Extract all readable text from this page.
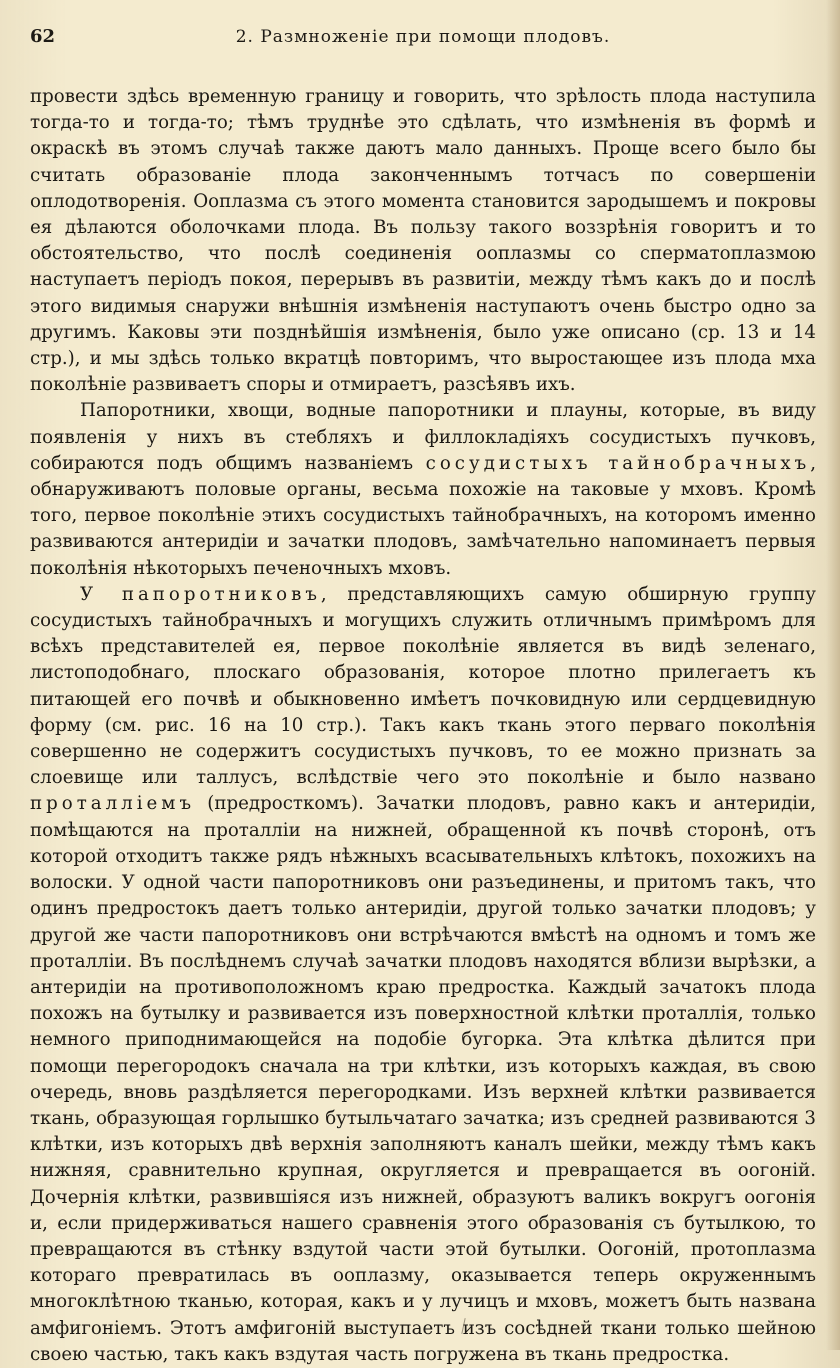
62	2. Размноженіе при помощи плодовъ.

провести здѣсь временную границу и говорить, что зрѣлость плода наступила тогда-то и тогда-то; тѣмъ труднѣе это сдѣлать, что измѣненія въ формѣ и окраскѣ въ этомъ случаѣ также даютъ мало данныхъ. Проще всего было бы считать образованіе плода законченнымъ тотчасъ по совершеніи оплодотворенія. Ооплазма съ этого момента становится зародышемъ и покровы ея дѣлаются оболочками плода. Въ пользу такого воззрѣнія говоритъ и то обстоятельство, что послѣ соединенія ооплазмы со сперматоплазмою наступаетъ періодъ покоя, перерывъ въ развитіи, между тѣмъ какъ до и послѣ этого видимыя снаружи внѣшнія измѣненія наступаютъ очень быстро одно за другимъ. Каковы эти позднѣйшія измѣненія, было уже описано (ср. 13 и 14 стр.), и мы здѣсь только вкратцѣ повторимъ, что выростающее изъ плода мха поколѣніе развиваетъ споры и отмираетъ, разсѣявъ ихъ.

Папоротники, хвощи, водные папоротники и плауны, которые, въ виду появленія у нихъ въ стебляхъ и филлокладіяхъ сосудистыхъ пучковъ, собираются подъ общимъ названіемъ сосудистыхъ тайнобрачныхъ, обнаруживаютъ половые органы, весьма похожіе на таковые у мховъ. Кромѣ того, первое поколѣніе этихъ сосудистыхъ тайнобрачныхъ, на которомъ именно развиваются антеридіи и зачатки плодовъ, замѣчательно напоминаетъ первыя поколѣнія нѣкоторыхъ печеночныхъ мховъ.

У папоротниковъ, представляющихъ самую обширную группу сосудистыхъ тайнобрачныхъ и могущихъ служить отличнымъ примѣромъ для всѣхъ представителей ея, первое поколѣніе является въ видѣ зеленаго, листоподобнаго, плоскаго образованія, которое плотно прилегаетъ къ питающей его почвѣ и обыкновенно имѣетъ почковидную или сердцевидную форму (см. рис. 16 на 10 стр.). Такъ какъ ткань этого перваго поколѣнія совершенно не содержитъ сосудистыхъ пучковъ, то ее можно признать за слоевище или таллусъ, вслѣдствіе чего это поколѣніе и было названо проталліемъ (предросткомъ). Зачатки плодовъ, равно какъ и антеридіи, помѣщаются на проталліи на нижней, обращенной къ почвѣ сторонѣ, отъ которой отходитъ также рядъ нѣжныхъ всасывательныхъ клѣтокъ, похожихъ на волоски. У одной части папоротниковъ они разъединены, и притомъ такъ, что одинъ предростокъ даетъ только антеридіи, другой только зачатки плодовъ; у другой же части папоротниковъ они встрѣчаются вмѣстѣ на одномъ и томъ же проталліи. Въ послѣднемъ случаѣ зачатки плодовъ находятся вблизи вырѣзки, а антеридіи на противоположномъ краю предростка. Каждый зачатокъ плода похожъ на бутылку и развивается изъ поверхностной клѣтки проталлія, только немного приподнимающейся на подобіе бугорка. Эта клѣтка дѣлится при помощи перегородокъ сначала на три клѣтки, изъ которыхъ каждая, въ свою очередь, вновь раздѣляется перегородками. Изъ верхней клѣтки развивается ткань, образующая горлышко бутыльчатаго зачатка; изъ средней развиваются 3 клѣтки, изъ которыхъ двѣ верхнія заполняютъ каналъ шейки, между тѣмъ какъ нижняя, сравнительно крупная, округляется и превращается въ оогоній. Дочернія клѣтки, развившіяся изъ нижней, образуютъ валикъ вокругъ оогонія и, если придерживаться нашего сравненія этого образованія съ бутылкою, то превращаются въ стѣнку вздутой части этой бутылки. Оогоній, протоплазма котораго превратилась въ ооплазму, оказывается теперь окруженнымъ многоклѣтною тканью, которая, какъ и у лучицъ и мховъ, можетъ быть названа амфигоніемъ. Этотъ амфигоній выступаетъ изъ сосѣдней ткани только шейною своею частью, такъ какъ вздутая часть погружена въ ткань предростка.
